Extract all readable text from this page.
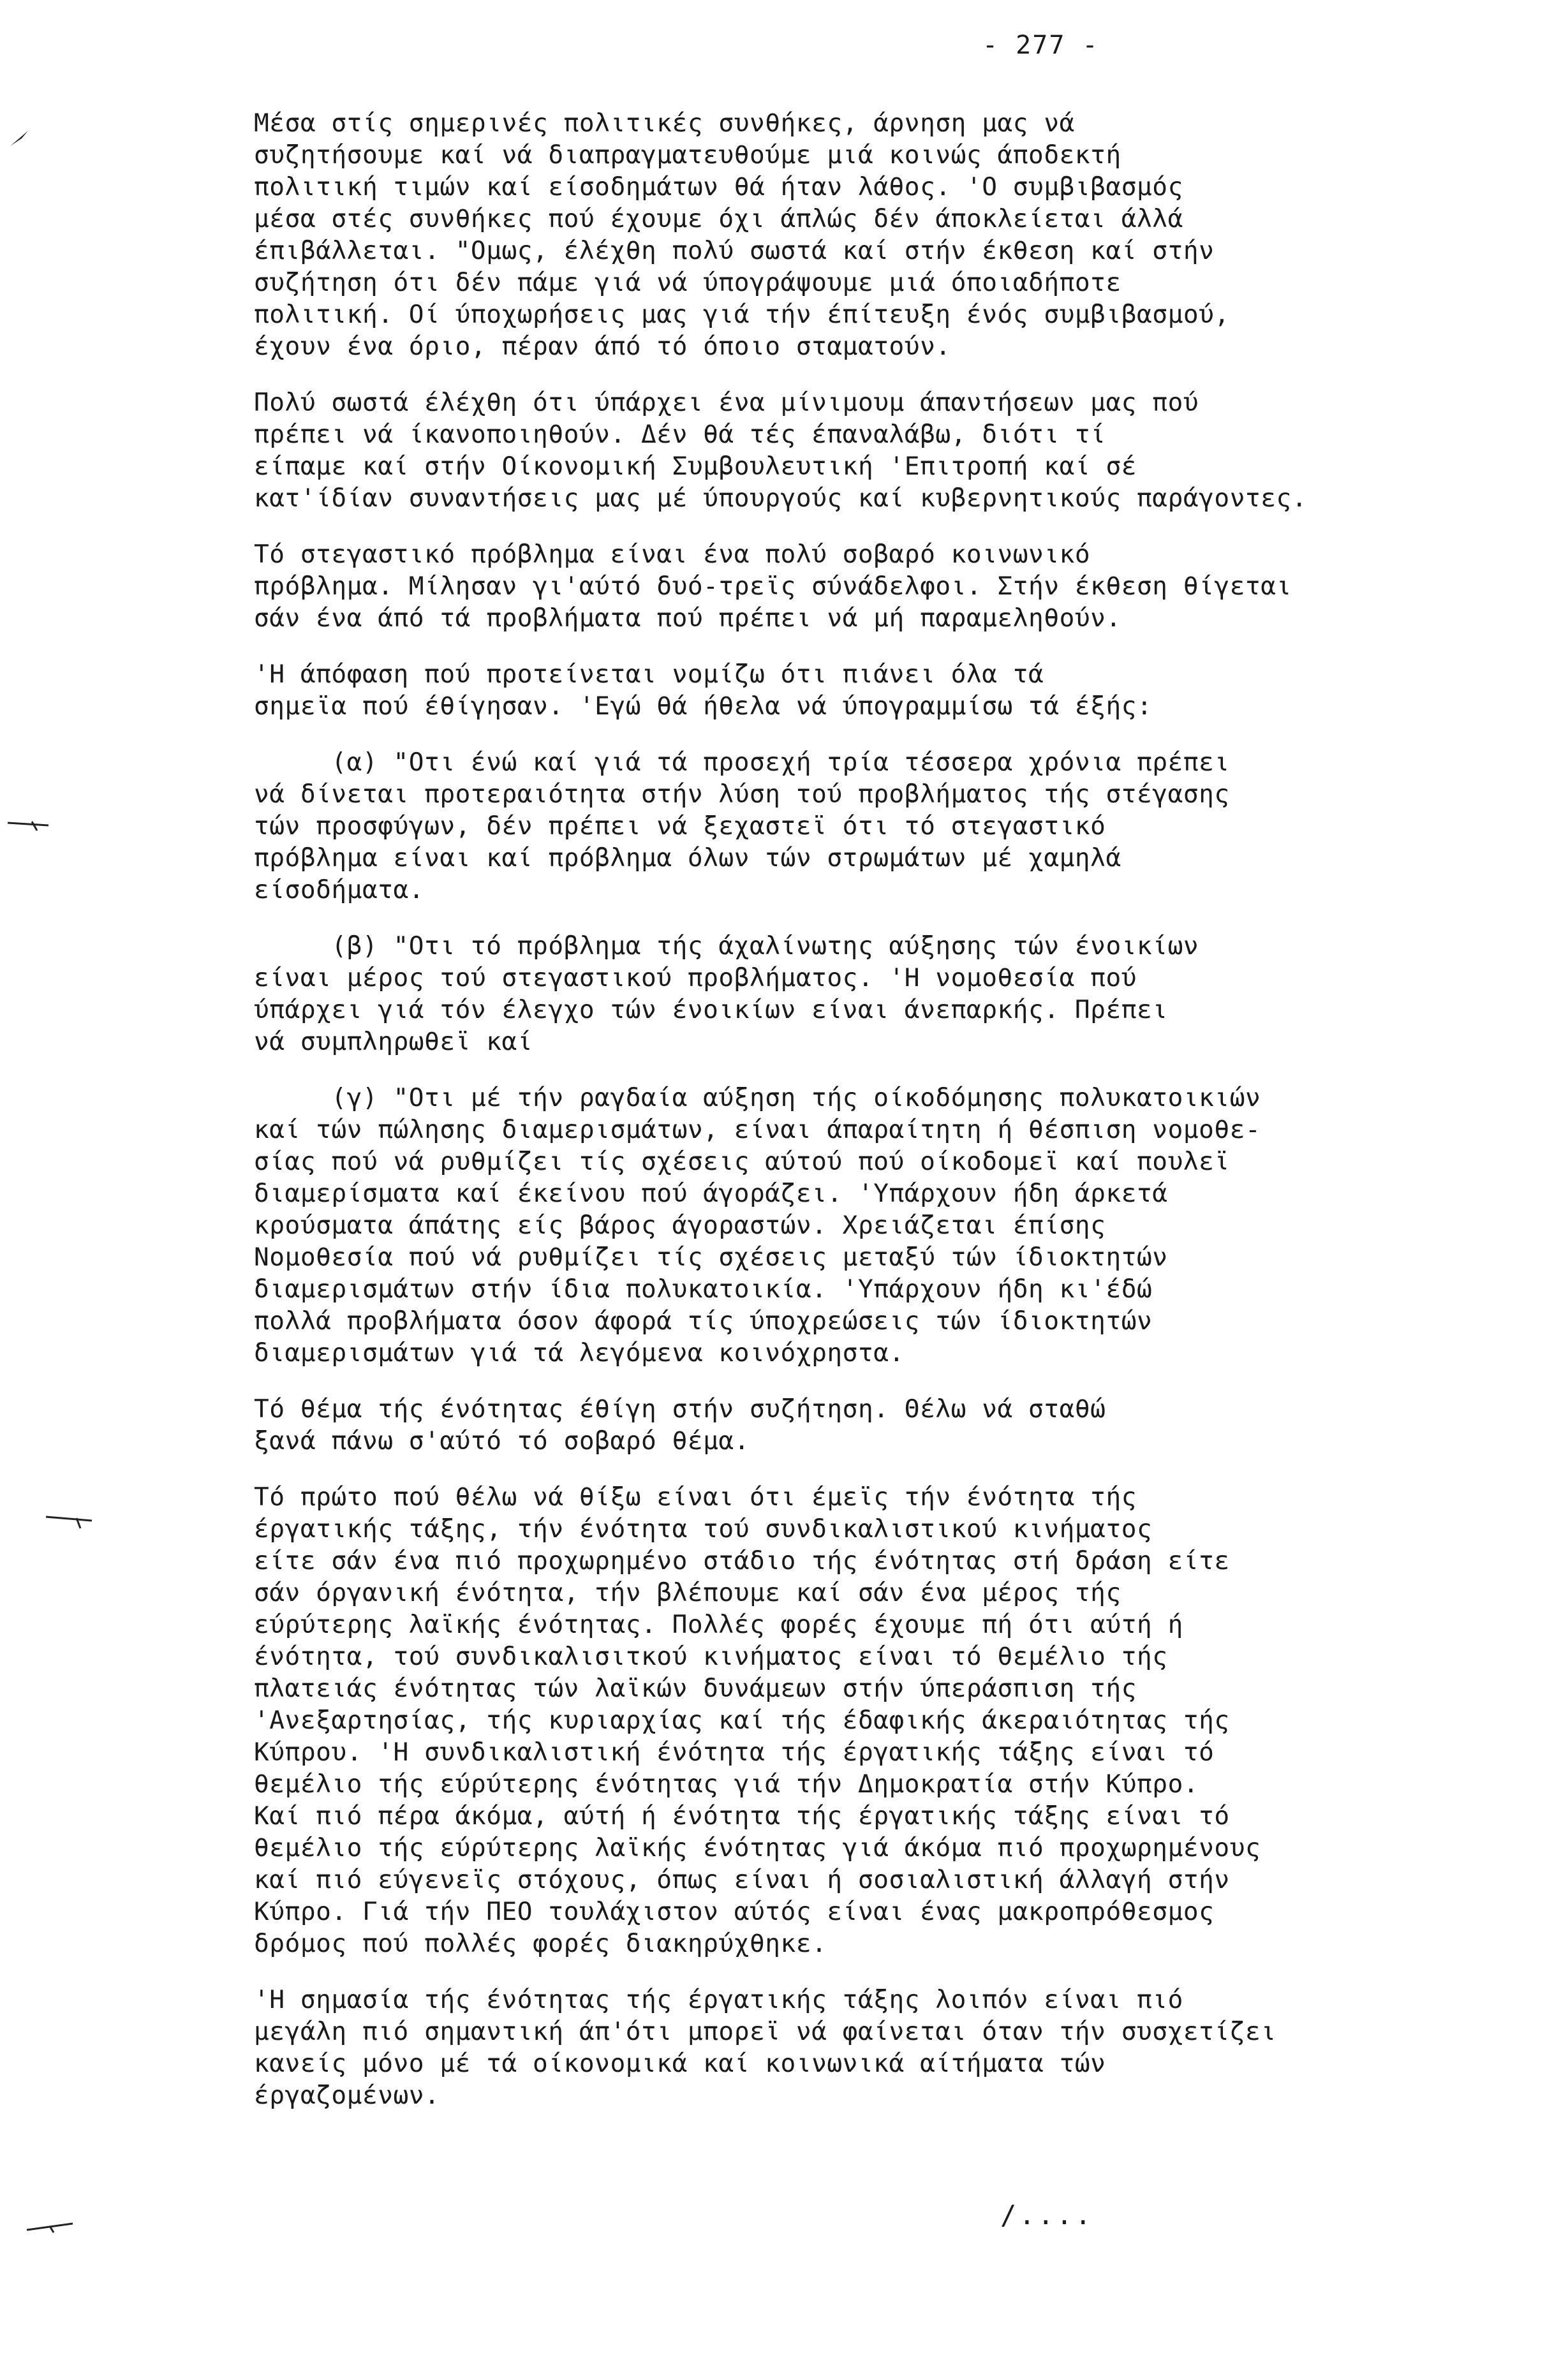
- 277 -
Μέσα στίς σημερινές πολιτικές συνθήκες, άρνηση μας νά
συζητήσουμε καί νά διαπραγματευθούμε μιά κοινώς άποδεκτή
πολιτική τιμών καί είσοδημάτων θά ήταν λάθος. 'Ο συμβιβασμός
μέσα στές συνθήκες πού έχουμε όχι άπλώς δέν άποκλείεται άλλά
έπιβάλλεται. "Ομως, έλέχθη πολύ σωστά καί στήν έκθεση καί στήν
συζήτηση ότι δέν πάμε γιά νά ύπογράψουμε μιά όποιαδήποτε
πολιτική. Οί ύποχωρήσεις μας γιά τήν έπίτευξη ένός συμβιβασμού,
έχουν ένα όριο, πέραν άπό τό όποιο σταματούν.
Πολύ σωστά έλέχθη ότι ύπάρχει ένα μίνιμουμ άπαντήσεων μας πού
πρέπει νά ίκανοποιηθούν. Δέν θά τές έπαναλάβω, διότι τί
είπαμε καί στήν Οίκονομική Συμβουλευτική 'Επιτροπή καί σέ
κατ'ίδίαν συναντήσεις μας μέ ύπουργούς καί κυβερνητικούς παράγοντες.
Τό στεγαστικό πρόβλημα είναι ένα πολύ σοβαρό κοινωνικό
πρόβλημα. Μίλησαν γι'αύτό δυό-τρεϊς σύνάδελφοι. Στήν έκθεση θίγεται
σάν ένα άπό τά προβλήματα πού πρέπει νά μή παραμεληθούν.
'Η άπόφαση πού προτείνεται νομίζω ότι πιάνει όλα τά
σημεϊα πού έθίγησαν. 'Εγώ θά ήθελα νά ύπογραμμίσω τά έξής:
(α) "Οτι ένώ καί γιά τά προσεχή τρία τέσσερα χρόνια πρέπει
νά δίνεται προτεραιότητα στήν λύση τού προβλήματος τής στέγασης
τών προσφύγων, δέν πρέπει νά ξεχαστεϊ ότι τό στεγαστικό
πρόβλημα είναι καί πρόβλημα όλων τών στρωμάτων μέ χαμηλά
είσοδήματα.
(β) "Οτι τό πρόβλημα τής άχαλίνωτης αύξησης τών ένοικίων
είναι μέρος τού στεγαστικού προβλήματος. 'Η νομοθεσία πού
ύπάρχει γιά τόν έλεγχο τών ένοικίων είναι άνεπαρκής. Πρέπει
νά συμπληρωθεϊ καί
(γ) "Οτι μέ τήν ραγδαία αύξηση τής οίκοδόμησης πολυκατοικιών
καί τών πώλησης διαμερισμάτων, είναι άπαραίτητη ή θέσπιση νομοθε-
σίας πού νά ρυθμίζει τίς σχέσεις αύτού πού οίκοδομεϊ καί πουλεϊ
διαμερίσματα καί έκείνου πού άγοράζει. 'Υπάρχουν ήδη άρκετά
κρούσματα άπάτης είς βάρος άγοραστών. Χρειάζεται έπίσης
Νομοθεσία πού νά ρυθμίζει τίς σχέσεις μεταξύ τών ίδιοκτητών
διαμερισμάτων στήν ίδια πολυκατοικία. 'Υπάρχουν ήδη κι'έδώ
πολλά προβλήματα όσον άφορά τίς ύποχρεώσεις τών ίδιοκτητών
διαμερισμάτων γιά τά λεγόμενα κοινόχρηστα.
Τό θέμα τής ένότητας έθίγη στήν συζήτηση. Θέλω νά σταθώ
ξανά πάνω σ'αύτό τό σοβαρό θέμα.
Τό πρώτο πού θέλω νά θίξω είναι ότι έμεϊς τήν ένότητα τής
έργατικής τάξης, τήν ένότητα τού συνδικαλιστικού κινήματος
είτε σάν ένα πιό προχωρημένο στάδιο τής ένότητας στή δράση είτε
σάν όργανική ένότητα, τήν βλέπουμε καί σάν ένα μέρος τής
εύρύτερης λαϊκής ένότητας. Πολλές φορές έχουμε πή ότι αύτή ή
ένότητα, τού συνδικαλισιτκού κινήματος είναι τό θεμέλιο τής
πλατειάς ένότητας τών λαϊκών δυνάμεων στήν ύπεράσπιση τής
'Ανεξαρτησίας, τής κυριαρχίας καί τής έδαφικής άκεραιότητας τής
Κύπρου. 'Η συνδικαλιστική ένότητα τής έργατικής τάξης είναι τό
θεμέλιο τής εύρύτερης ένότητας γιά τήν Δημοκρατία στήν Κύπρο.
Καί πιό πέρα άκόμα, αύτή ή ένότητα τής έργατικής τάξης είναι τό
θεμέλιο τής εύρύτερης λαϊκής ένότητας γιά άκόμα πιό προχωρημένους
καί πιό εύγενεϊς στόχους, όπως είναι ή σοσιαλιστική άλλαγή στήν
Κύπρο. Γιά τήν ΠΕΟ τουλάχιστον αύτός είναι ένας μακροπρόθεσμος
δρόμος πού πολλές φορές διακηρύχθηκε.
'Η σημασία τής ένότητας τής έργατικής τάξης λοιπόν είναι πιό
μεγάλη πιό σημαντική άπ'ότι μπορεϊ νά φαίνεται όταν τήν συσχετίζει
κανείς μόνο μέ τά οίκονομικά καί κοινωνικά αίτήματα τών
έργαζομένων.
/....
